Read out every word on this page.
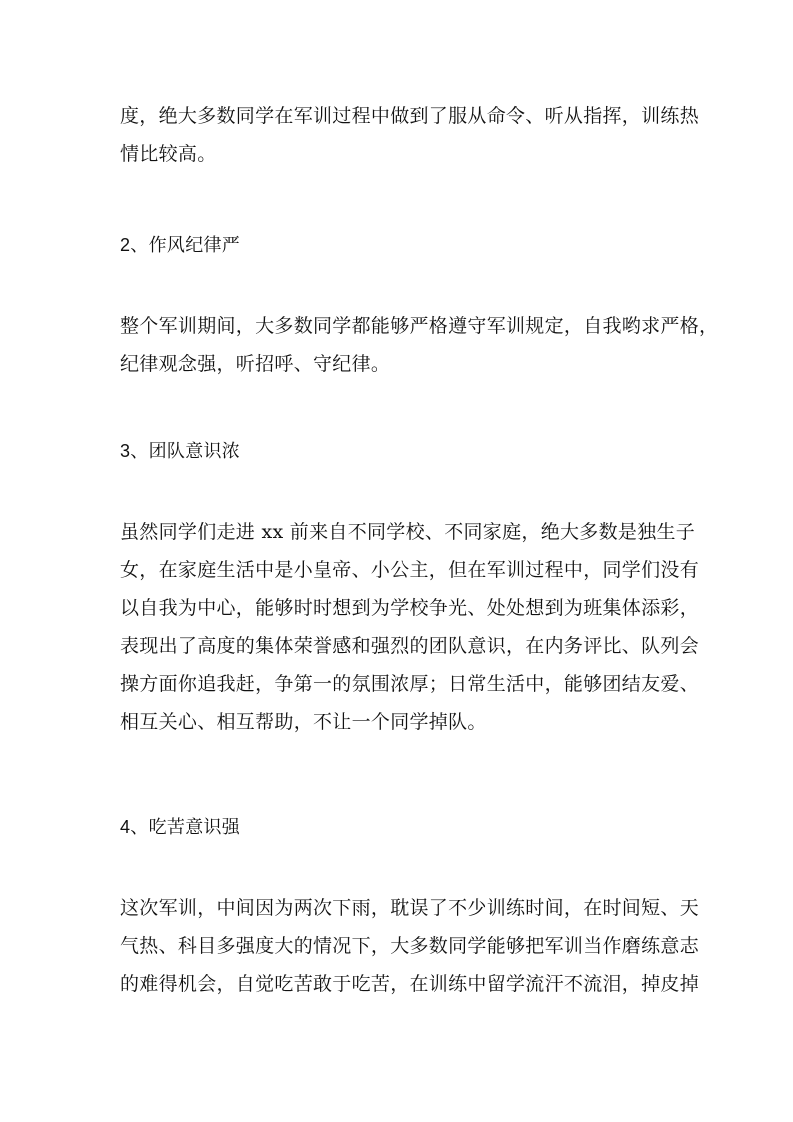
度，绝大多数同学在军训过程中做到了服从命令、听从指挥，训练热
情比较高。
2、作风纪律严
整个军训期间，大多数同学都能够严格遵守军训规定，自我哟求严格，
纪律观念强，听招呼、守纪律。
3、团队意识浓
虽然同学们走进 xx 前来自不同学校、不同家庭，绝大多数是独生子
女，在家庭生活中是小皇帝、小公主，但在军训过程中，同学们没有
以自我为中心，能够时时想到为学校争光、处处想到为班集体添彩，
表现出了高度的集体荣誉感和强烈的团队意识，在内务评比、队列会
操方面你追我赶，争第一的氛围浓厚；日常生活中，能够团结友爱、
相互关心、相互帮助，不让一个同学掉队。
4、吃苦意识强
这次军训，中间因为两次下雨，耽误了不少训练时间，在时间短、天
气热、科目多强度大的情况下，大多数同学能够把军训当作磨练意志
的难得机会，自觉吃苦敢于吃苦，在训练中留学流汗不流泪，掉皮掉
